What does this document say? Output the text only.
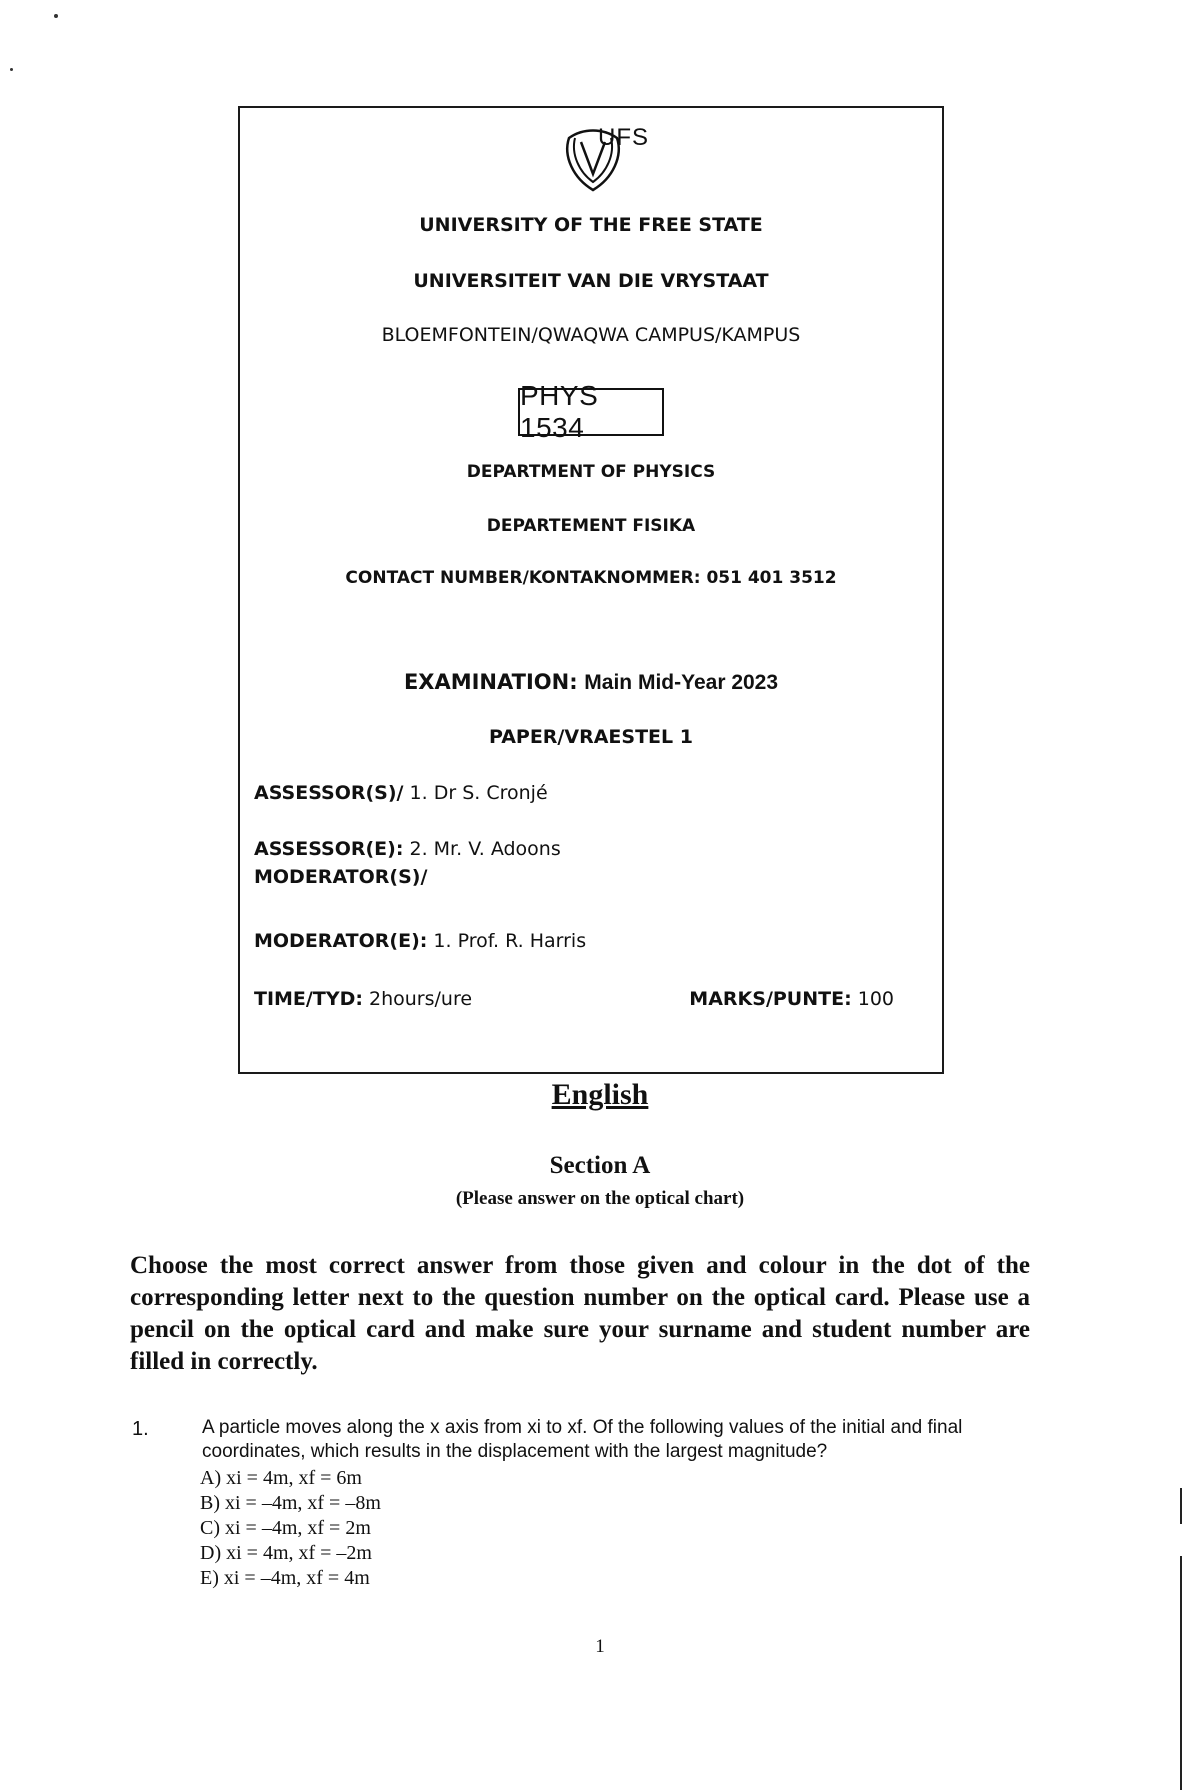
UFS
UNIVERSITY OF THE FREE STATE
UNIVERSITEIT VAN DIE VRYSTAAT
BLOEMFONTEIN/QWAQWA CAMPUS/KAMPUS
PHYS 1534
DEPARTMENT OF PHYSICS
DEPARTEMENT FISIKA
CONTACT NUMBER/KONTAKNOMMER: 051 401 3512
EXAMINATION: Main Mid-Year 2023
PAPER/VRAESTEL 1
ASSESSOR(S)/ 1. Dr S. Cronjé
ASSESSOR(E): 2. Mr. V. Adoons
MODERATOR(S)/
MODERATOR(E): 1. Prof. R. Harris
TIME/TYD: 2hours/ure	MARKS/PUNTE: 100
English
Section A
(Please answer on the optical chart)
Choose the most correct answer from those given and colour in the dot of the corresponding letter next to the question number on the optical card. Please use a pencil on the optical card and make sure your surname and student number are filled in correctly.
1.	A particle moves along the x axis from xi to xf. Of the following values of the initial and final coordinates, which results in the displacement with the largest magnitude?
A) xi = 4m, xf = 6m
B) xi = –4m, xf = –8m
C) xi = –4m, xf = 2m
D) xi = 4m, xf = –2m
E) xi = –4m, xf = 4m
1
